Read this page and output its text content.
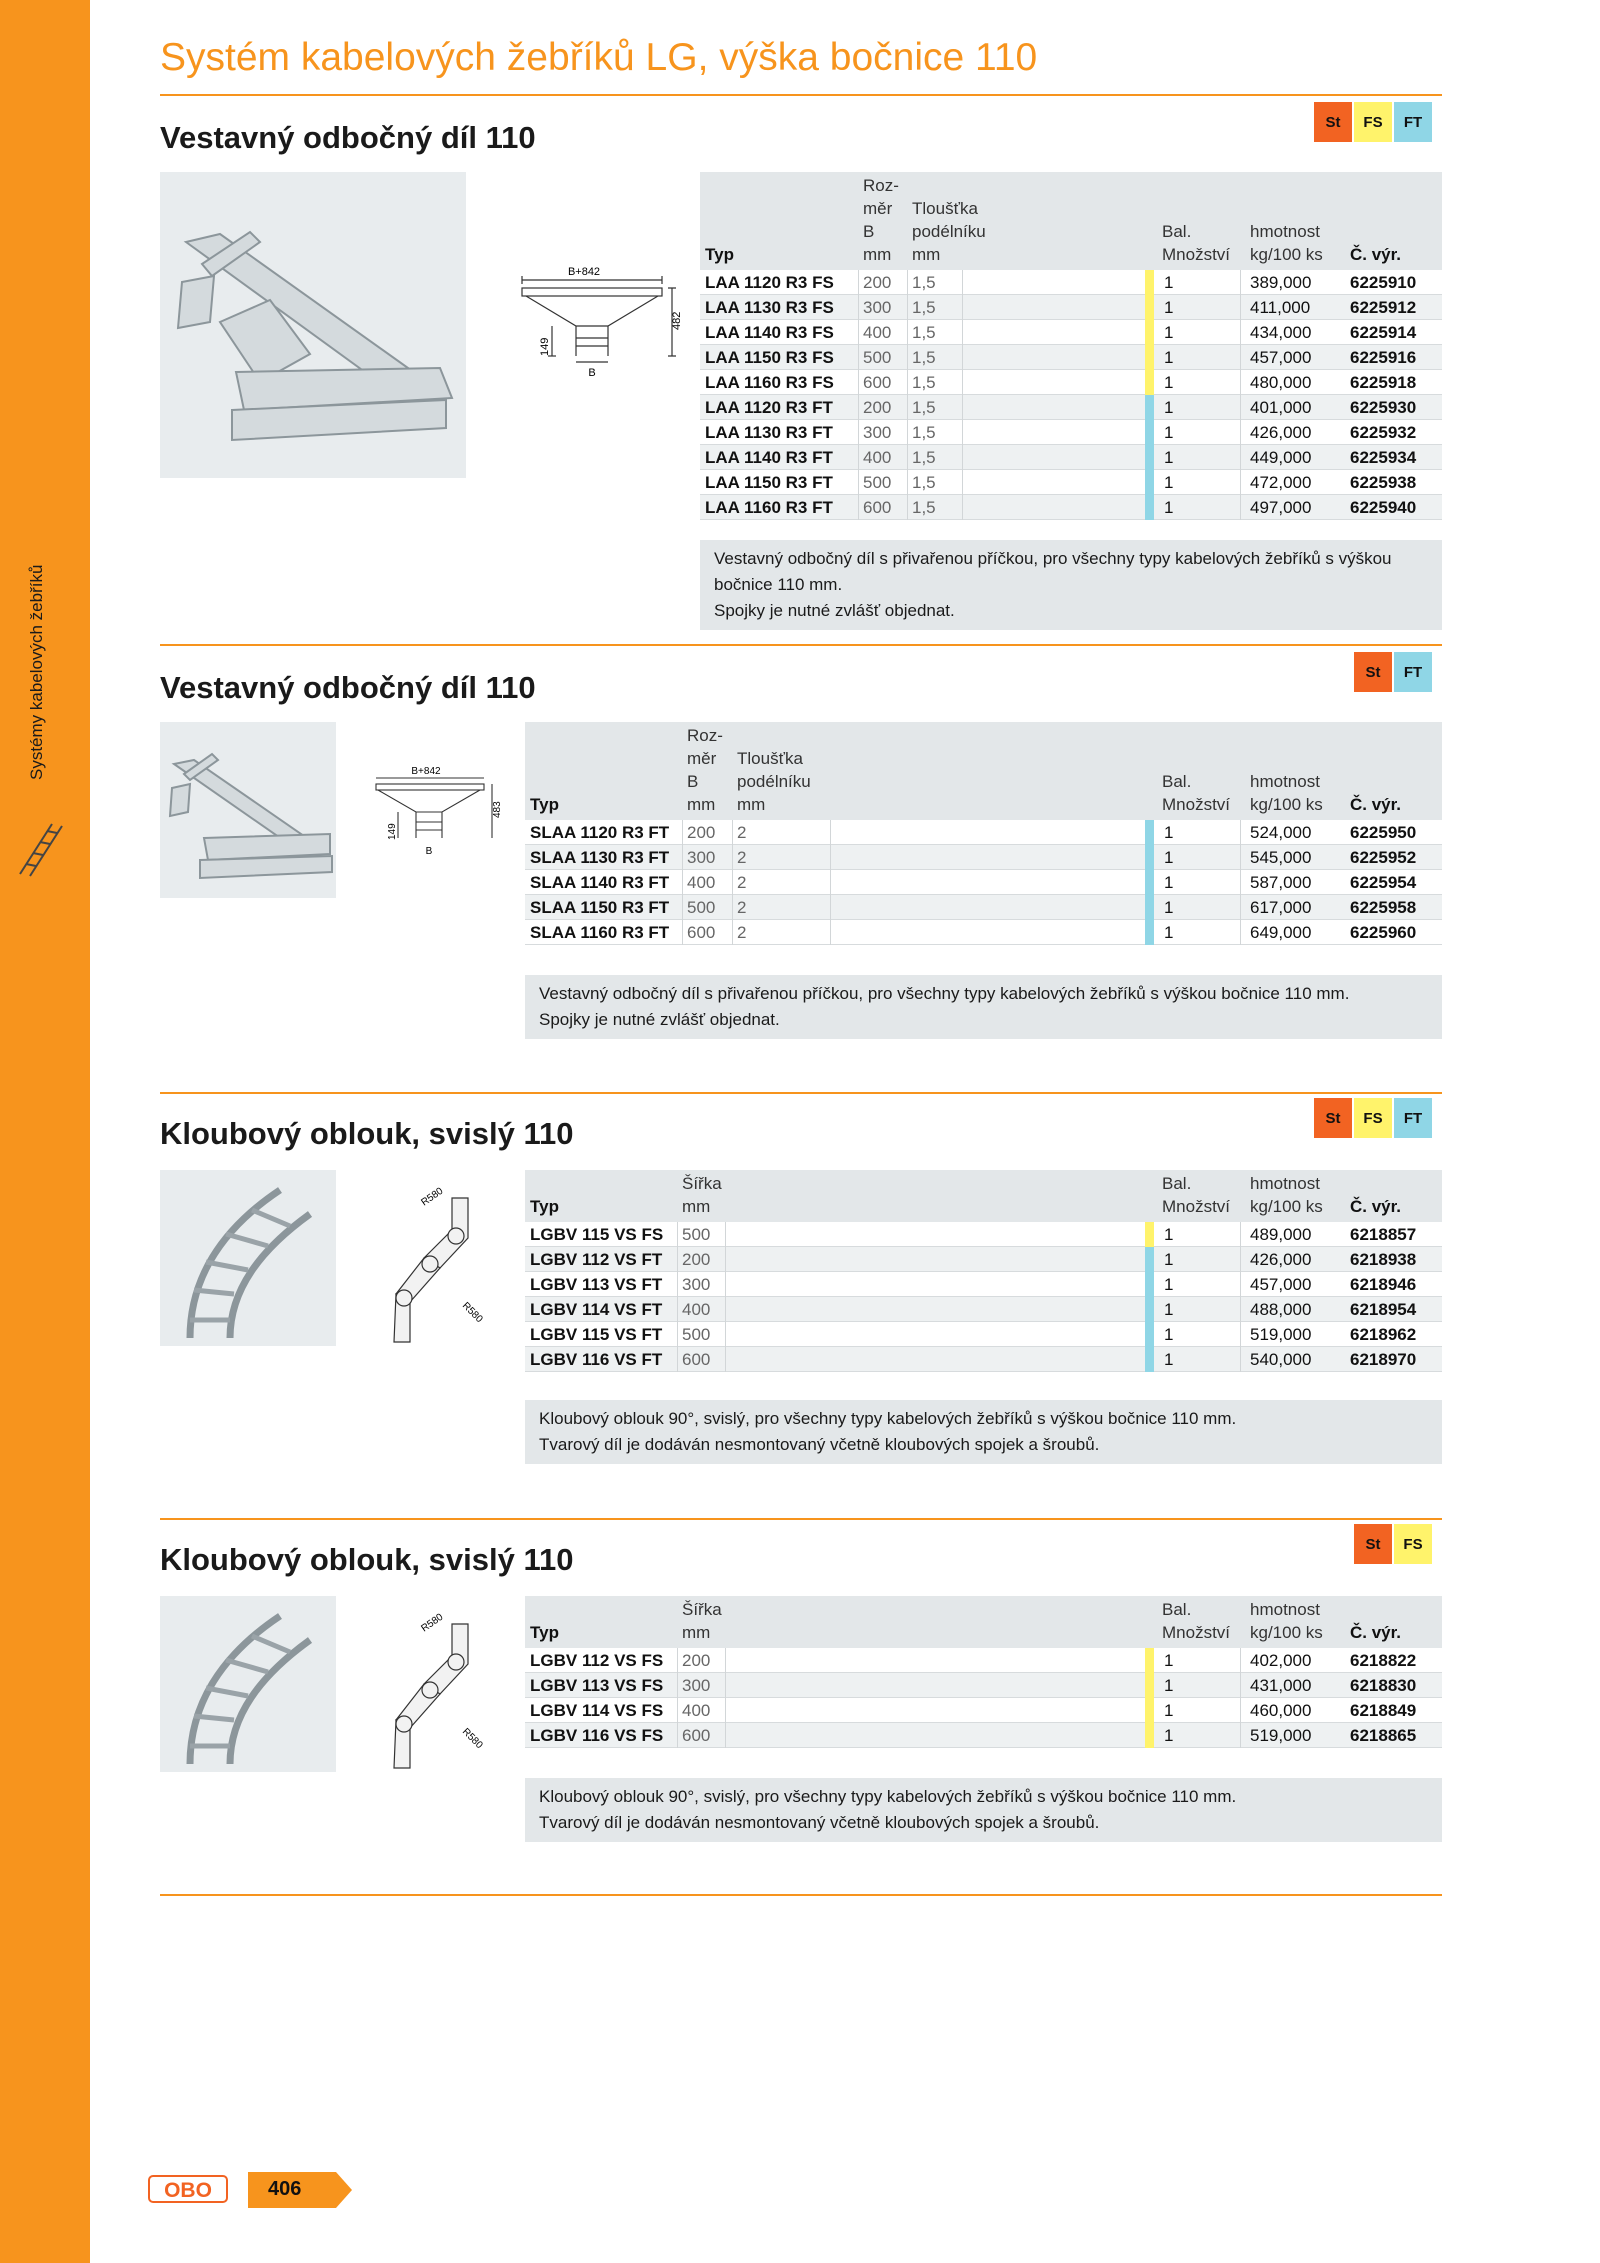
Systémy kabelových žebříků
Systém kabelových žebříků LG, výška bočnice 110
Vestavný odbočný díl 110	St	FS	FT
B+842
482
149
B
Roz-
měr
B
mm
Tloušťka
podélníku
mm
Bal.
Množství
hmotnost
kg/100 ks
Typ	Č. výr.
LAA 1120 R3 FS 200 1,5	1	389,000 6225910
LAA 1130 R3 FS 300 1,5	1	411,000 6225912
LAA 1140 R3 FS 400 1,5	1	434,000 6225914
LAA 1150 R3 FS 500 1,5	1	457,000 6225916
LAA 1160 R3 FS 600 1,5	1	480,000 6225918
LAA 1120 R3 FT 200 1,5	1	401,000 6225930
LAA 1130 R3 FT 300 1,5	1	426,000 6225932
LAA 1140 R3 FT 400 1,5	1	449,000 6225934
LAA 1150 R3 FT 500 1,5	1	472,000 6225938
LAA 1160 R3 FT 600 1,5	1	497,000 6225940
Vestavný odbočný díl s přivařenou příčkou, pro všechny typy kabelových žebříků s výškou
bočnice 110 mm.
Spojky je nutné zvlášť objednat.
Vestavný odbočný díl 110	St	FT
B+842
483
149
B
Roz-
měr
B
mm
Tloušťka
podélníku
mm
Bal.
Množství
hmotnost
kg/100 ks
Typ	Č. výr.
SLAA 1120 R3 FT 200 2	1	524,000 6225950
SLAA 1130 R3 FT 300 2	1	545,000 6225952
SLAA 1140 R3 FT 400 2	1	587,000 6225954
SLAA 1150 R3 FT 500 2	1	617,000 6225958
SLAA 1160 R3 FT 600 2	1	649,000 6225960
Vestavný odbočný díl s přivařenou příčkou, pro všechny typy kabelových žebříků s výškou bočnice 110 mm.
Spojky je nutné zvlášť objednat.
Kloubový oblouk, svislý 110	St	FS	FT
R580
R580
Šířka
mm
Bal.
Množství
hmotnost
kg/100 ks
Typ	Č. výr.
LGBV 115 VS FS 500	1	489,000 6218857
LGBV 112 VS FT 200	1	426,000 6218938
LGBV 113 VS FT 300	1	457,000 6218946
LGBV 114 VS FT 400	1	488,000 6218954
LGBV 115 VS FT 500	1	519,000 6218962
LGBV 116 VS FT 600	1	540,000 6218970
Kloubový oblouk 90°, svislý, pro všechny typy kabelových žebříků s výškou bočnice 110 mm.
Tvarový díl je dodáván nesmontovaný včetně kloubových spojek a šroubů.
Kloubový oblouk, svislý 110	St	FS
R580
R580
Šířka
mm
Bal.
Množství
hmotnost
kg/100 ks
Typ	Č. výr.
LGBV 112 VS FS 200	1	402,000 6218822
LGBV 113 VS FS 300	1	431,000 6218830
LGBV 114 VS FS 400	1	460,000 6218849
LGBV 116 VS FS 600	1	519,000 6218865
Kloubový oblouk 90°, svislý, pro všechny typy kabelových žebříků s výškou bočnice 110 mm.
Tvarový díl je dodáván nesmontovaný včetně kloubových spojek a šroubů.
OBO	406
